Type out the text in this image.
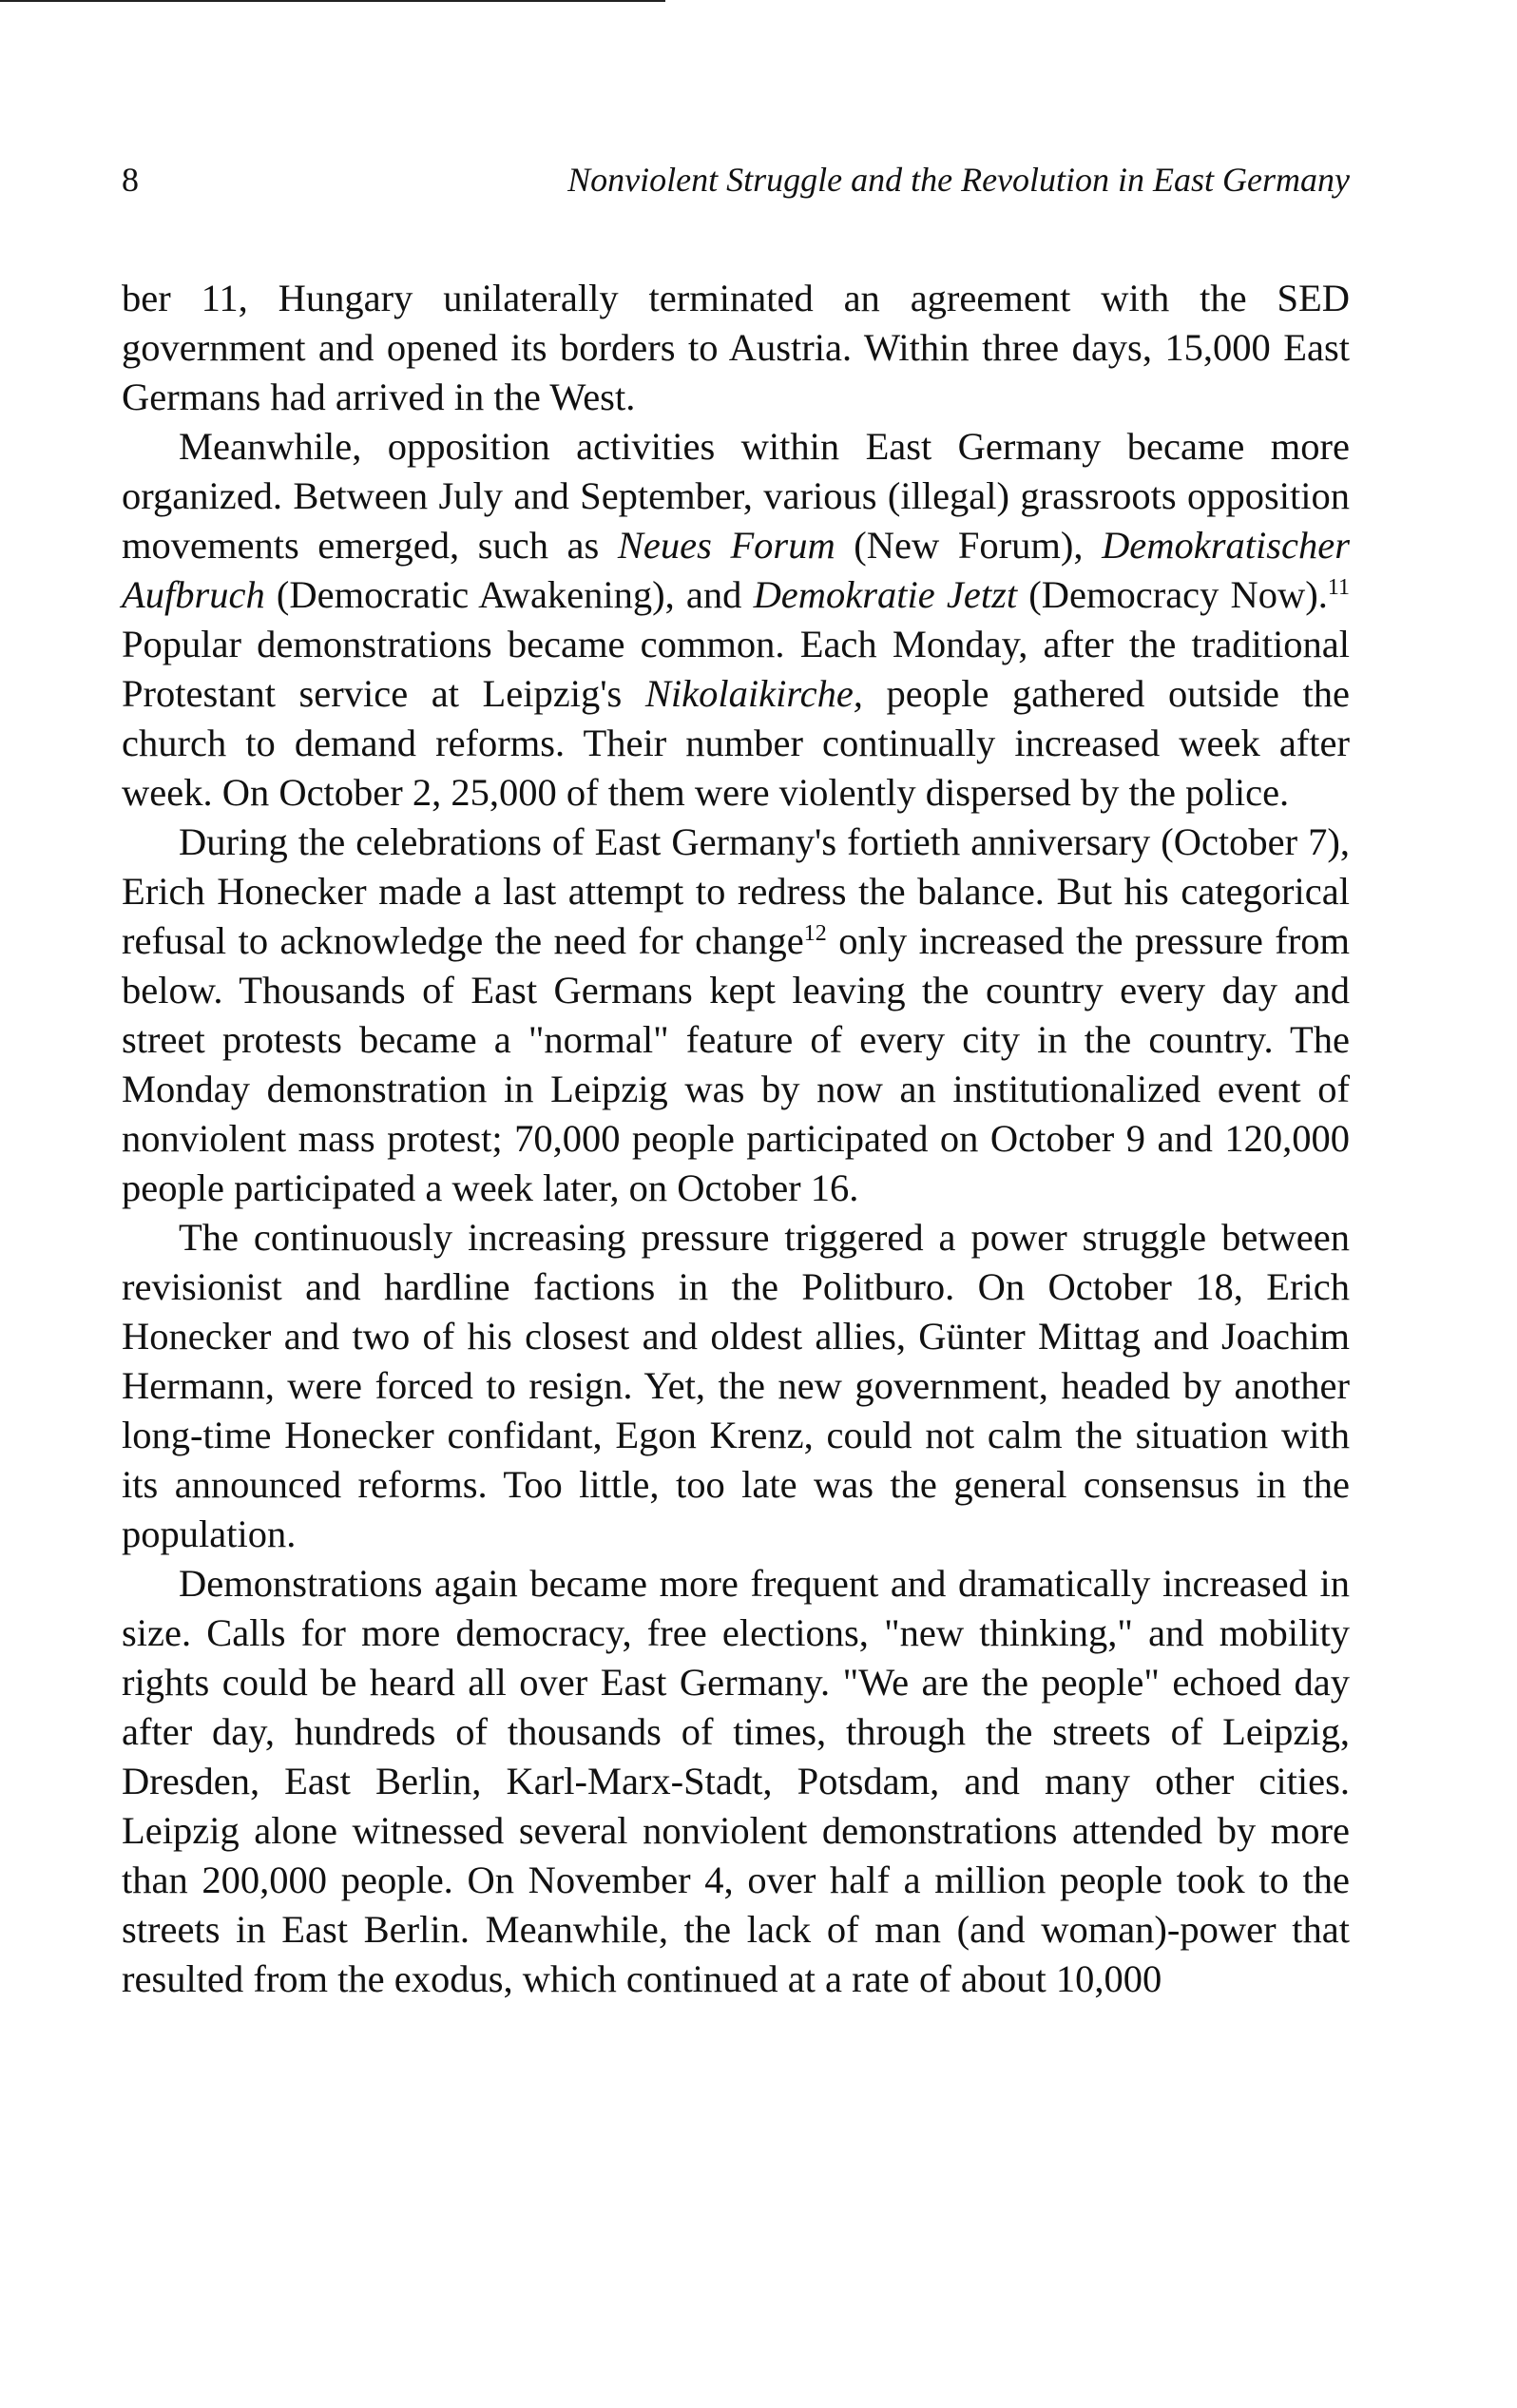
8	Nonviolent Struggle and the Revolution in East Germany

ber 11, Hungary unilaterally terminated an agreement with the SED government and opened its borders to Austria. Within three days, 15,000 East Germans had arrived in the West.

Meanwhile, opposition activities within East Germany became more organized. Between July and September, various (illegal) grassroots opposition movements emerged, such as Neues Forum (New Forum), Demokratischer Aufbruch (Democratic Awakening), and Demokratie Jetzt (Democracy Now).$^{11}$ Popular demonstrations became common. Each Monday, after the traditional Protestant service at Leipzig's Nikolaikirche, people gathered outside the church to demand reforms. Their number continually increased week after week. On October 2, 25,000 of them were violently dispersed by the police.

During the celebrations of East Germany's fortieth anniversary (October 7), Erich Honecker made a last attempt to redress the balance. But his categorical refusal to acknowledge the need for change$^{12}$ only increased the pressure from below. Thousands of East Germans kept leaving the country every day and street protests became a "normal" feature of every city in the country. The Monday demonstration in Leipzig was by now an institutionalized event of nonviolent mass protest; 70,000 people participated on October 9 and 120,000 people participated a week later, on October 16.

The continuously increasing pressure triggered a power struggle between revisionist and hardline factions in the Politburo. On October 18, Erich Honecker and two of his closest and oldest allies, Günter Mittag and Joachim Hermann, were forced to resign. Yet, the new government, headed by another long-time Honecker confidant, Egon Krenz, could not calm the situation with its announced reforms. Too little, too late was the general consensus in the population.

Demonstrations again became more frequent and dramatically increased in size. Calls for more democracy, free elections, "new thinking," and mobility rights could be heard all over East Germany. "We are the people" echoed day after day, hundreds of thousands of times, through the streets of Leipzig, Dresden, East Berlin, Karl-Marx-Stadt, Potsdam, and many other cities. Leipzig alone witnessed several nonviolent demonstrations attended by more than 200,000 people. On November 4, over half a million people took to the streets in East Berlin. Meanwhile, the lack of man (and woman)-power that resulted from the exodus, which continued at a rate of about 10,000
